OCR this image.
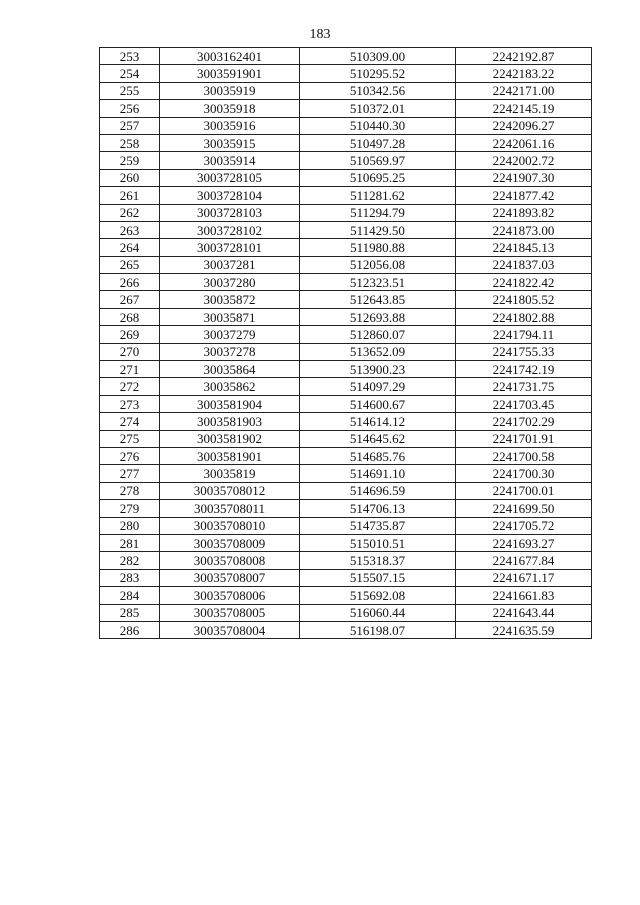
183
253	3003162401	510309.00	2242192.87
254	3003591901	510295.52	2242183.22
255	30035919	510342.56	2242171.00
256	30035918	510372.01	2242145.19
257	30035916	510440.30	2242096.27
258	30035915	510497.28	2242061.16
259	30035914	510569.97	2242002.72
260	3003728105	510695.25	2241907.30
261	3003728104	511281.62	2241877.42
262	3003728103	511294.79	2241893.82
263	3003728102	511429.50	2241873.00
264	3003728101	511980.88	2241845.13
265	30037281	512056.08	2241837.03
266	30037280	512323.51	2241822.42
267	30035872	512643.85	2241805.52
268	30035871	512693.88	2241802.88
269	30037279	512860.07	2241794.11
270	30037278	513652.09	2241755.33
271	30035864	513900.23	2241742.19
272	30035862	514097.29	2241731.75
273	3003581904	514600.67	2241703.45
274	3003581903	514614.12	2241702.29
275	3003581902	514645.62	2241701.91
276	3003581901	514685.76	2241700.58
277	30035819	514691.10	2241700.30
278	30035708012	514696.59	2241700.01
279	30035708011	514706.13	2241699.50
280	30035708010	514735.87	2241705.72
281	30035708009	515010.51	2241693.27
282	30035708008	515318.37	2241677.84
283	30035708007	515507.15	2241671.17
284	30035708006	515692.08	2241661.83
285	30035708005	516060.44	2241643.44
286	30035708004	516198.07	2241635.59
